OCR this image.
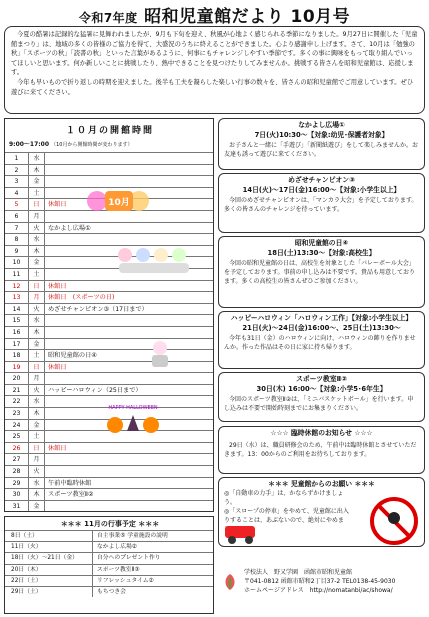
令和7年度 昭和児童館だより 10月号

今夏の酷暑は記録的な猛暑に見舞われましたが、9月も下旬を迎え、秋風が心地よく感じられる季節になりました。9月27日に開催した「児童館まつり」は、地域の多くの皆様のご協力を得て、大盛況のうちに終えることができました。心より感謝申し上げます。さて、10月は「勉強の秋」「スポーツの秋」「読書の秋」といった言葉があるように、何事にもチャレンジしやすい季節です。多くの事に興味をもって取り組んでいってほしいと思います。何か新しいことに挑戦したり、熱中できることを見つけたりしてみませんか。挑戦する皆さんを昭和児童館は、応援します。

今年も早いもので折り返しの時期を迎えました。後半も工夫を凝らした楽しい行事の数々を、皆さんの昭和児童館でご用意しています。ぜひ遊びに来てください。

１０月の開館時間
9:00～17:00 （10月から開館時間が変わります）
1	水
2	木
3	金
4	土
5	日	休館日
6	月
7	火	なかよし広場①
8	水
9	木
10	金
11	土
12	日	休館日
13	月	休館日　(スポーツの日)
14	火	めざせチャンピオン③（17日まで）
15	水
16	木
17	金
18	土	昭和児童館の日④
19	日	休館日
20	月
21	火	ハッピーハロウィン（25日まで）
22	水
23	木
24	金
25	土
26	日	休館日
27	月
28	火
29	水	午前中臨時休館
30	木	スポーツ教室Ⅱ②
31	金
10月
HAPPY HALLOWEEN
＊＊＊ 11月の行事予定 ＊＊＊
8日（土）	自主事業⑤ 学童施設の説明
11日（火）	なかよし広場②
18日（火）～21日（金）	自分へのプレゼント作り
20日（木）	スポーツ教室Ⅱ③
22日（土）	リフレッシュタイム②
29日（土）	もちつき会
なかよし広場①
7日(火)10:30～【対象:幼児･保護者対象】
お子さんと一緒に「手遊び」「新聞紙遊び」をして楽しみませんか。お友達も誘って遊びに来てください。
めざせチャンピオン③
14日(火)～17日(金)16:00～【対象:小学生以上】
今回のめざせチャンピオンは、「マンカラ大会」を予定しております。多くの皆さんのチャレンジを待っています。
昭和児童館の日④
18日(土)13:30～【対象:高校生】
今回の昭和児童館の日は、高校生を対象とした「バレーボール大会」を予定しております。事前の申し込みは不要です。貴品も用意しております。多くの高校生の皆さんぜひご参加ください。
ハッピーハロウィン「ハロウィン工作」【対象:小学生以上】
21日(火)～24日(金)16:00～、25日(土)13:30～
今年も31日（金）のハロウィンに向け、ハロウィンの飾りを作りませんか。作った作品はその日に家に持ち帰ります。
スポーツ教室Ⅱ②
30日(木) 16:00～【対象:小学5･6年生】
今回のスポーツ教室Ⅱ②は、「ミニバスケットボール」を行います。申し込みは不要で開始時刻までにお集まりください。
☆☆☆ 臨時休館のお知らせ ☆☆☆
29日（水）は、職員研修会のため、午前中は臨時休館とさせていただきます。13：00からのご利用をお待ちしております。
＊＊＊ 児童館からのお願い ＊＊＊
◎「自動車の力手」は、かならずかけましょう。
◎「スロープの停車」をやめて、児童館に出入りすることは、あぶないので、絶対にやめま
学校法人　野又学園　函館市昭和児童館
〒041-0812 函館市昭和2丁目37-2 TEL0138-45-9030
ホームページアドレス　http://nomatanbi/ac/showa/
